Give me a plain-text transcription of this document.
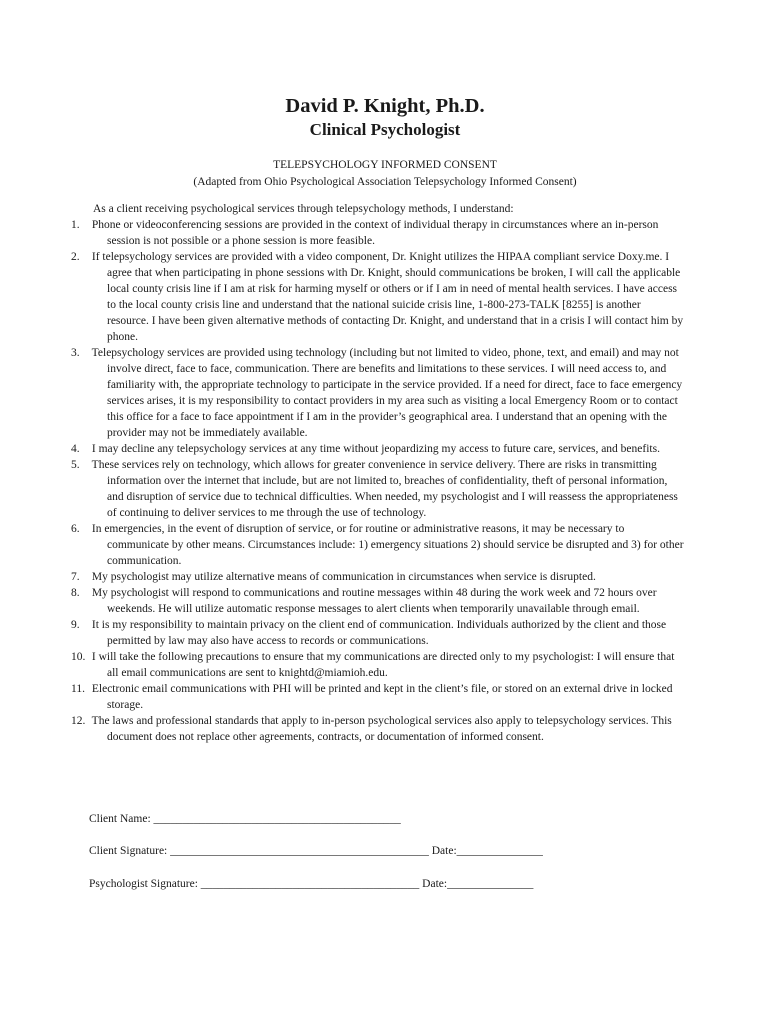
David P. Knight, Ph.D.
Clinical Psychologist
TELEPSYCHOLOGY INFORMED CONSENT
(Adapted from Ohio Psychological Association Telepsychology Informed Consent)

As a client receiving psychological services through telepsychology methods, I understand:

1. Phone or videoconferencing sessions are provided in the context of individual therapy in circumstances where an in-person session is not possible or a phone session is more feasible.
2. If telepsychology services are provided with a video component, Dr. Knight utilizes the HIPAA compliant service Doxy.me. I agree that when participating in phone sessions with Dr. Knight, should communications be broken, I will call the applicable local county crisis line if I am at risk for harming myself or others or if I am in need of mental health services. I have access to the local county crisis line and understand that the national suicide crisis line, 1-800-273-TALK [8255] is another resource. I have been given alternative methods of contacting Dr. Knight, and understand that in a crisis I will contact him by phone.
3. Telepsychology services are provided using technology (including but not limited to video, phone, text, and email) and may not involve direct, face to face, communication. There are benefits and limitations to these services. I will need access to, and familiarity with, the appropriate technology to participate in the service provided. If a need for direct, face to face emergency services arises, it is my responsibility to contact providers in my area such as visiting a local Emergency Room or to contact this office for a face to face appointment if I am in the provider’s geographical area. I understand that an opening with the provider may not be immediately available.
4. I may decline any telepsychology services at any time without jeopardizing my access to future care, services, and benefits.
5. These services rely on technology, which allows for greater convenience in service delivery. There are risks in transmitting information over the internet that include, but are not limited to, breaches of confidentiality, theft of personal information, and disruption of service due to technical difficulties. When needed, my psychologist and I will reassess the appropriateness of continuing to deliver services to me through the use of technology.
6. In emergencies, in the event of disruption of service, or for routine or administrative reasons, it may be necessary to communicate by other means. Circumstances include: 1) emergency situations 2) should service be disrupted and 3) for other communication.
7. My psychologist may utilize alternative means of communication in circumstances when service is disrupted.
8. My psychologist will respond to communications and routine messages within 48 during the work week and 72 hours over weekends. He will utilize automatic response messages to alert clients when temporarily unavailable through email.
9. It is my responsibility to maintain privacy on the client end of communication. Individuals authorized by the client and those permitted by law may also have access to records or communications.
10. I will take the following precautions to ensure that my communications are directed only to my psychologist: I will ensure that all email communications are sent to knightd@miamioh.edu.
11. Electronic email communications with PHI will be printed and kept in the client’s file, or stored on an external drive in locked storage.
12. The laws and professional standards that apply to in-person psychological services also apply to telepsychology services. This document does not replace other agreements, contracts, or documentation of informed consent.
Client Name: ___________________________________________
Client Signature: _____________________________________________ Date:_______________
Psychologist Signature: ______________________________________ Date:_______________
